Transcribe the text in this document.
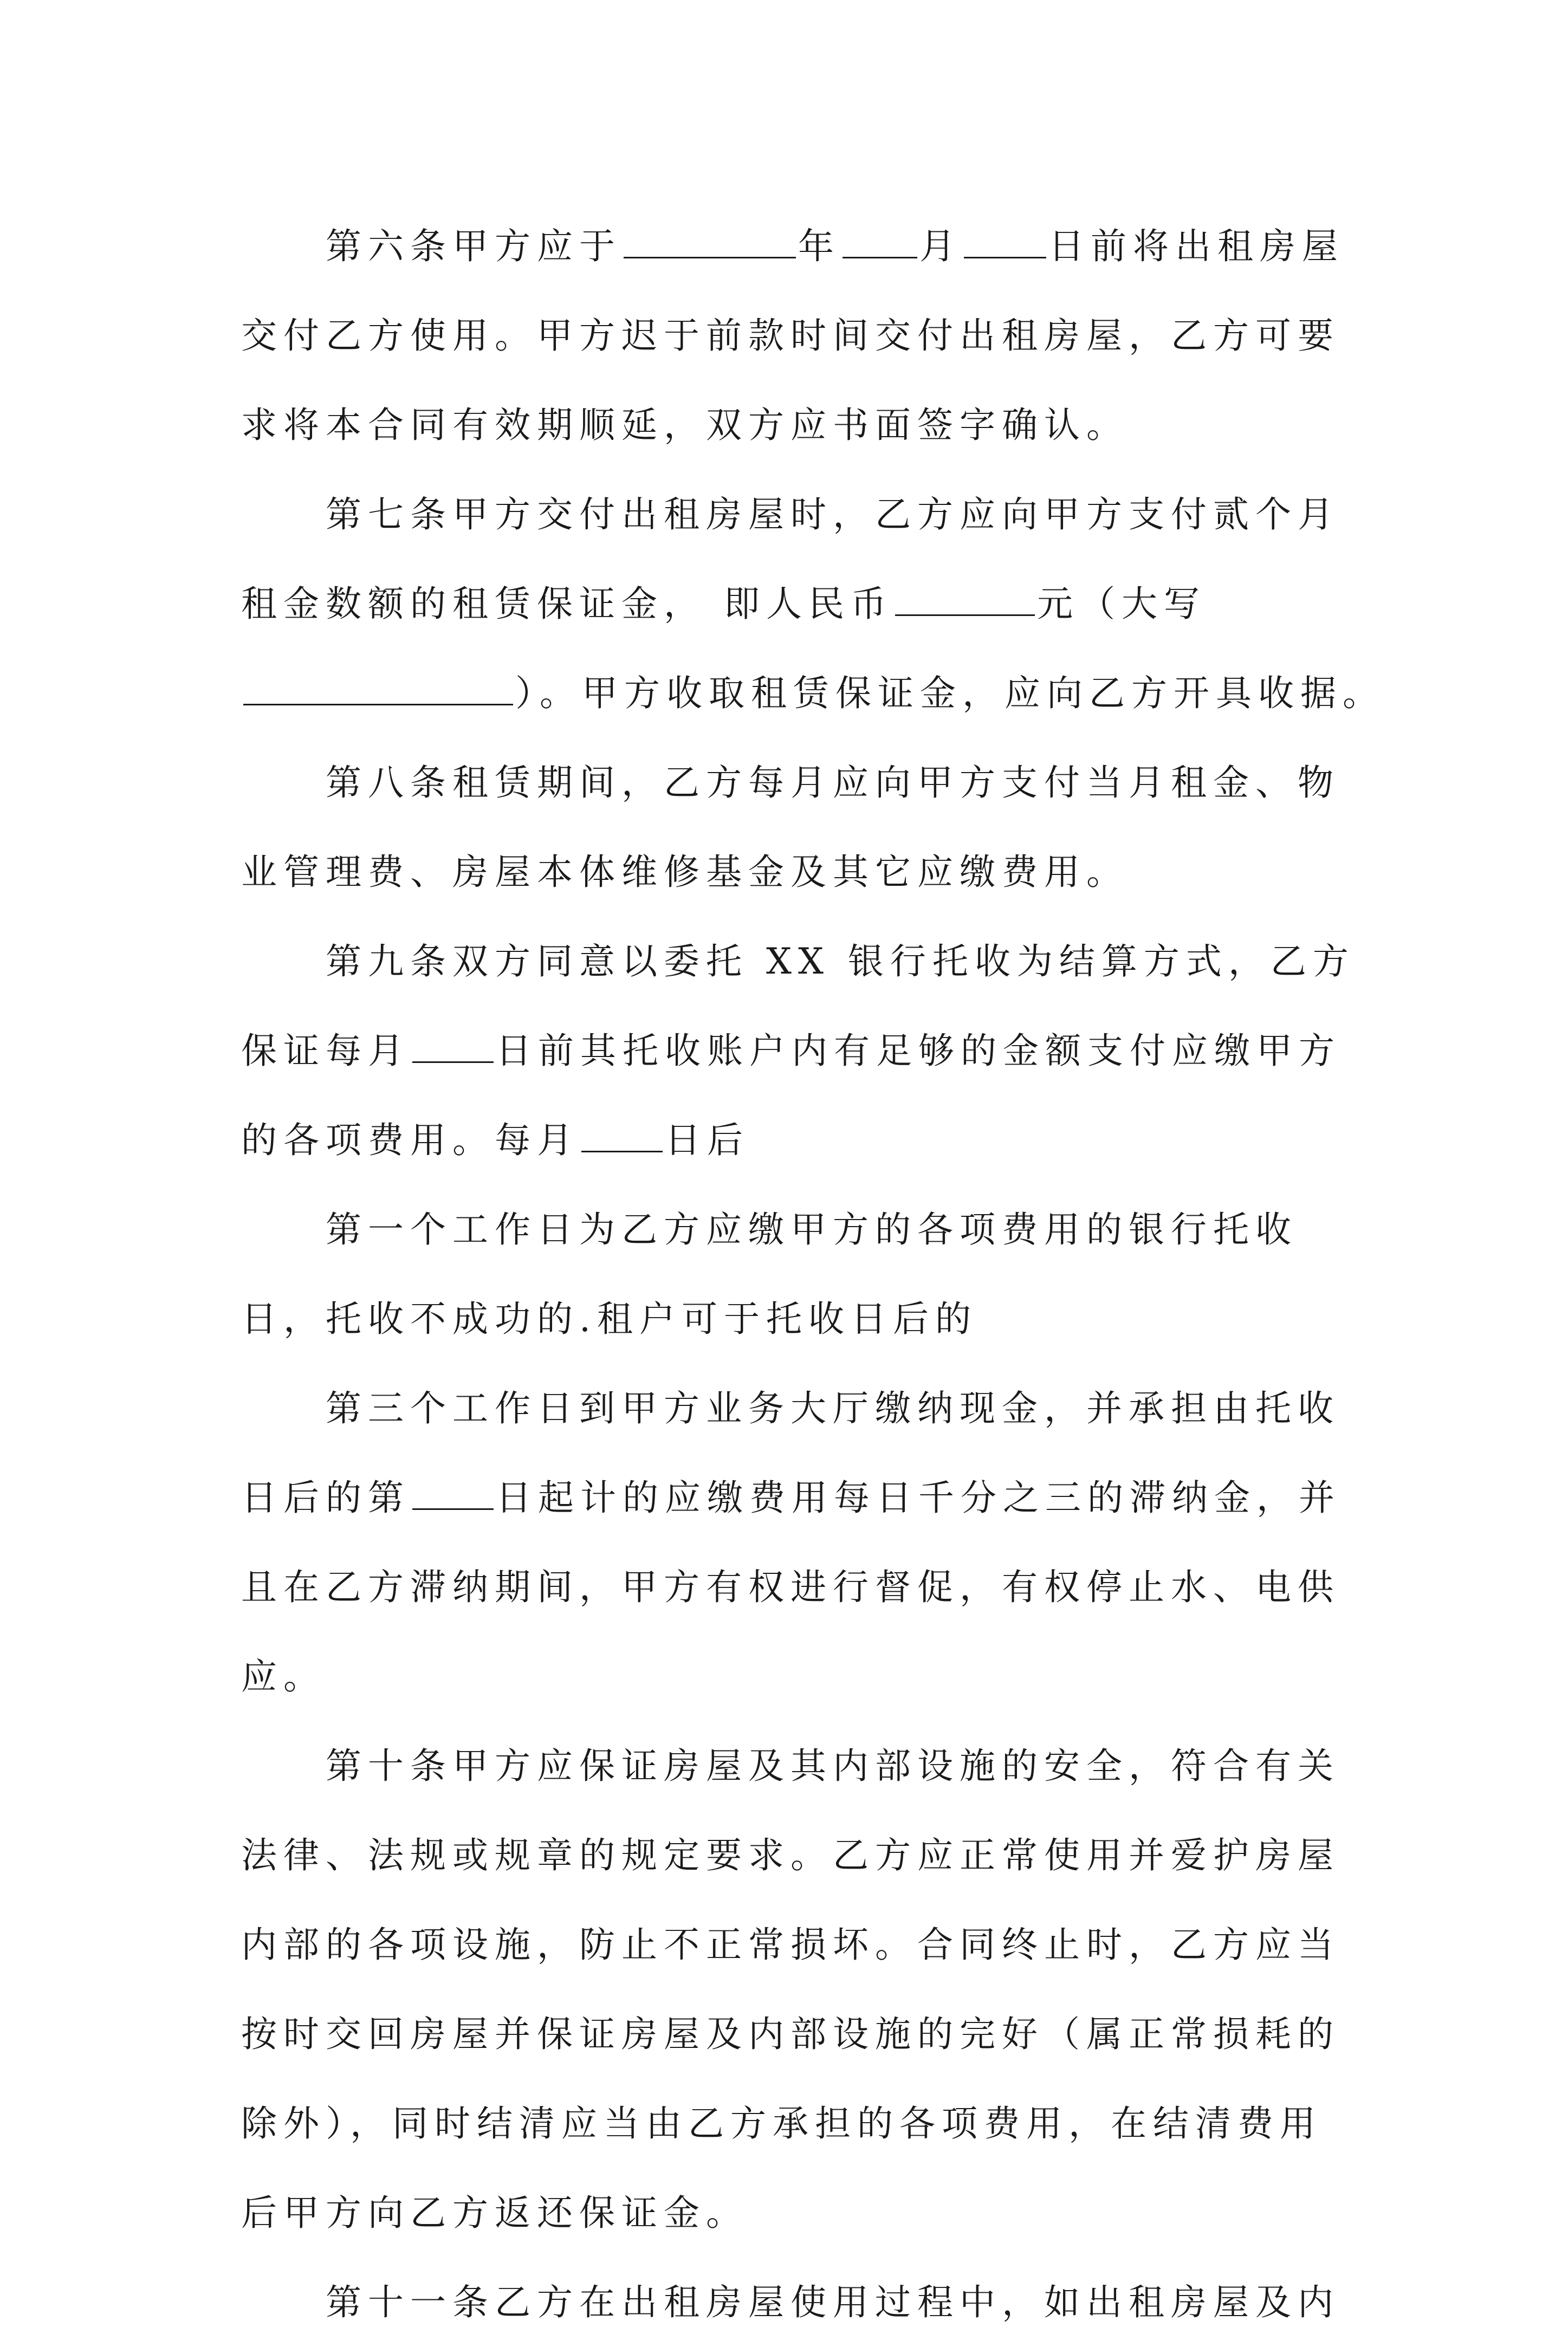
第六条甲方应于	年 月 日前将出租房屋
交付乙方使用。甲方迟于前款时间交付出租房屋，乙方可要
求将本合同有效期顺延，双方应书面签字确认。
第七条甲方交付出租房屋时，乙方应向甲方支付贰个月
租金数额的租赁保证金， 即人民币	元（大写
）。甲方收取租赁保证金，应向乙方开具收据。
第八条租赁期间，乙方每月应向甲方支付当月租金、物
业管理费、房屋本体维修基金及其它应缴费用。
第九条双方同意以委托 XX 银行托收为结算方式，乙方
保证每月 日前其托收账户内有足够的金额支付应缴甲方
的各项费用。每月 日后
第一个工作日为乙方应缴甲方的各项费用的银行托收
日，托收不成功的.租户可于托收日后的
第三个工作日到甲方业务大厅缴纳现金，并承担由托收
日后的第 日起计的应缴费用每日千分之三的滞纳金，并
且在乙方滞纳期间，甲方有权进行督促，有权停止水、电供
应。
第十条甲方应保证房屋及其内部设施的安全，符合有关
法律、法规或规章的规定要求。乙方应正常使用并爱护房屋
内部的各项设施，防止不正常损坏。合同终止时，乙方应当
按时交回房屋并保证房屋及内部设施的完好（属正常损耗的
除外），同时结清应当由乙方承担的各项费用，在结清费用
后甲方向乙方返还保证金。
第十一条乙方在出租房屋使用过程中，如出租房屋及内
